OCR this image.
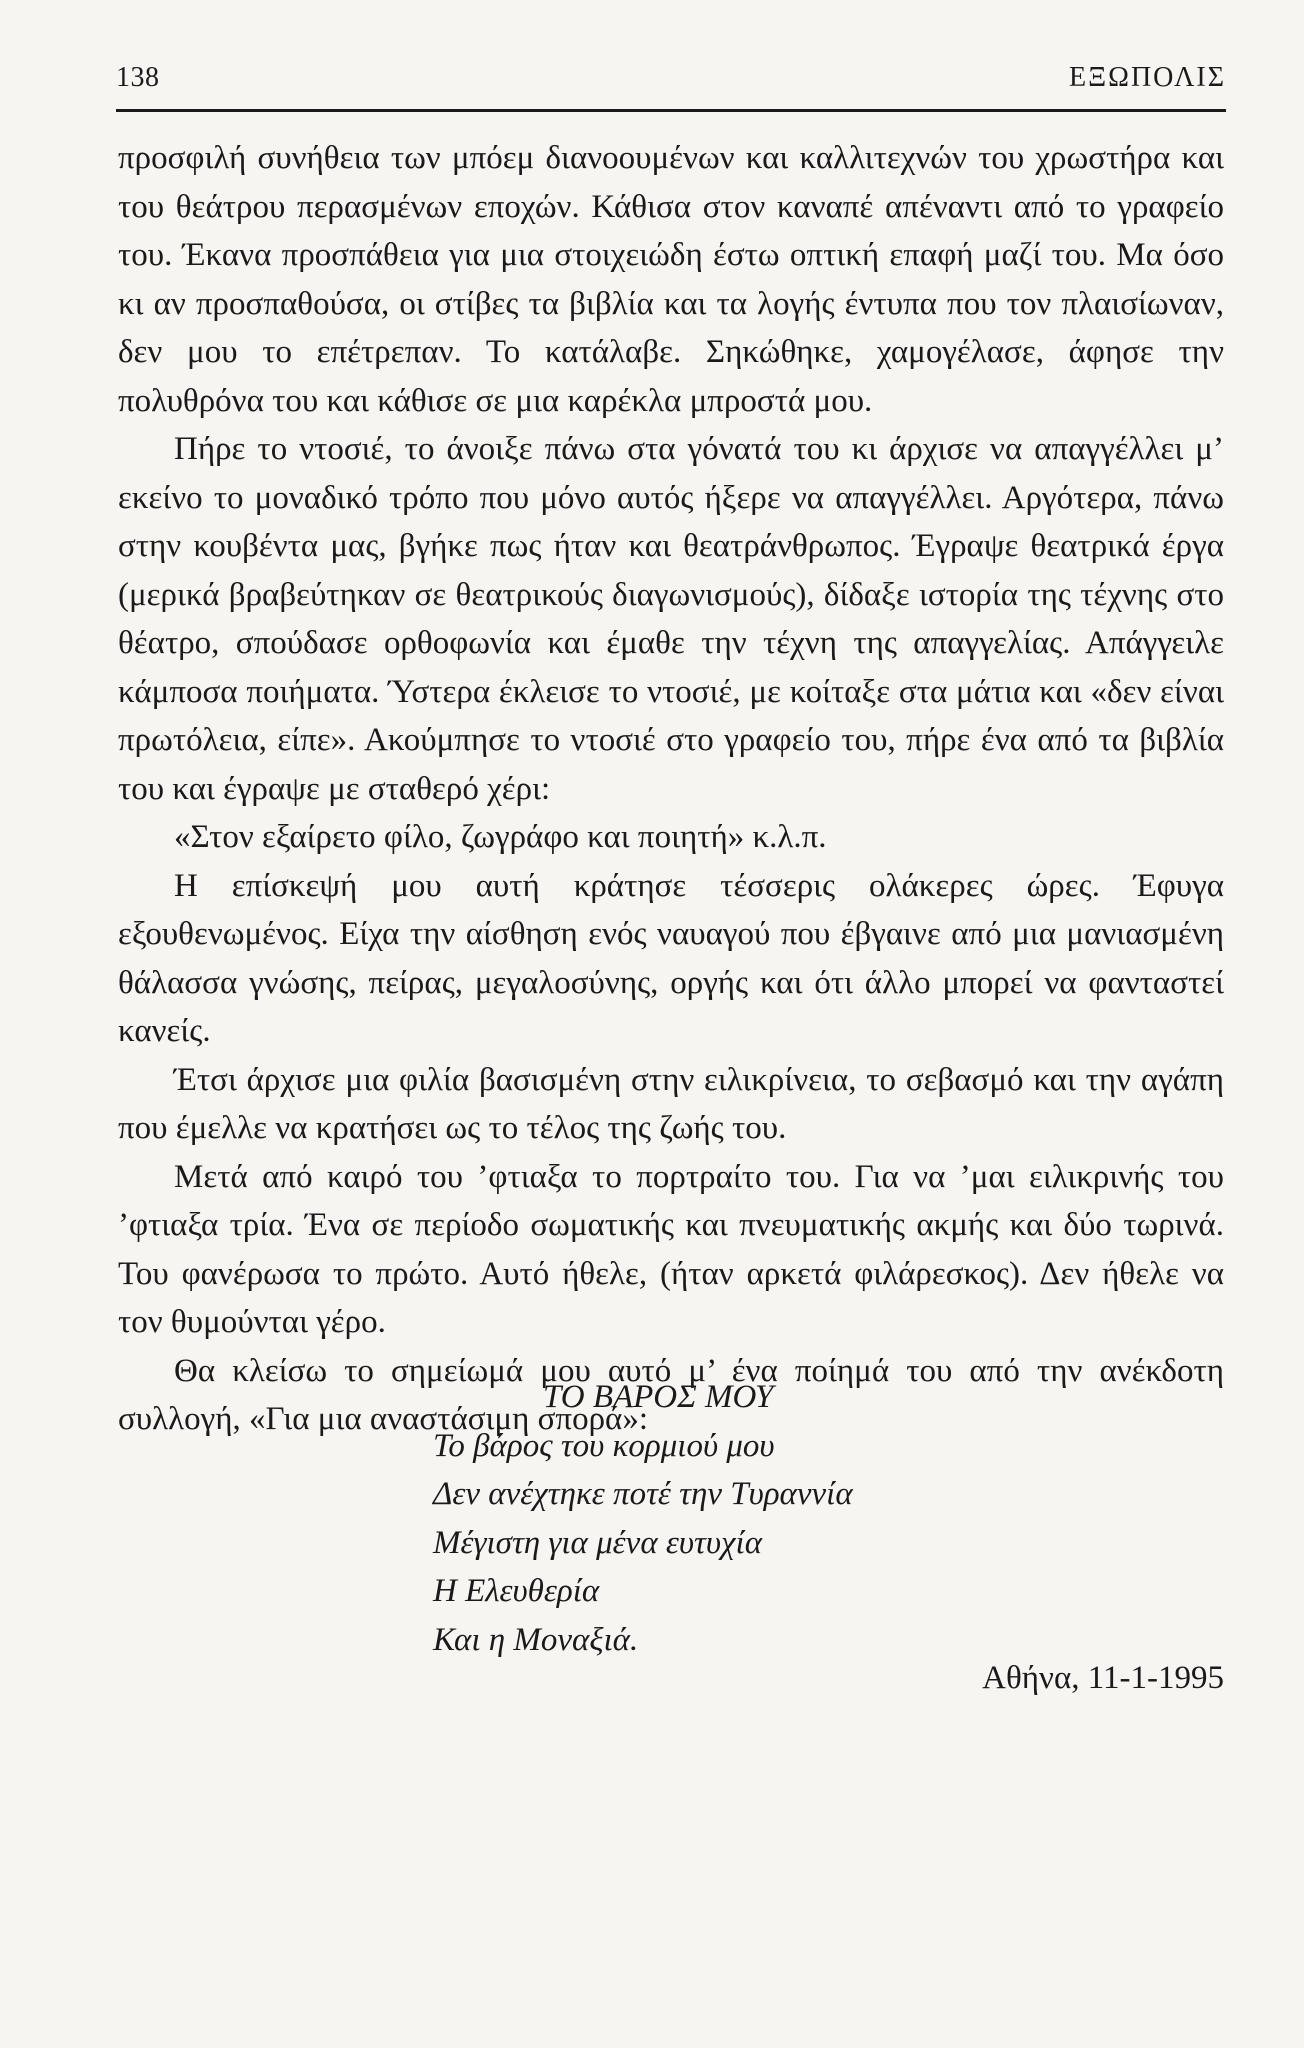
138	ΕΞΩΠΟΛΙΣ

προσφιλή συνήθεια των μπόεμ διανοουμένων και καλλιτεχνών του χρωστήρα και του θεάτρου περασμένων εποχών. Κάθισα στον καναπέ απέναντι από το γραφείο του. Έκανα προσπάθεια για μια στοιχειώδη έστω οπτική επαφή μαζί του. Μα όσο κι αν προσπαθούσα, οι στίβες τα βιβλία και τα λογής έντυπα που τον πλαισίωναν, δεν μου το επέτρεπαν. Το κατάλαβε. Σηκώθηκε, χαμογέλασε, άφησε την πολυθρόνα του και κάθισε σε μια καρέκλα μπροστά μου.

Πήρε το ντοσιέ, το άνοιξε πάνω στα γόνατά του κι άρχισε να απαγγέλλει μ’ εκείνο το μοναδικό τρόπο που μόνο αυτός ήξερε να απαγγέλλει. Αργότερα, πάνω στην κουβέντα μας, βγήκε πως ήταν και θεατράνθρωπος. Έγραψε θεατρικά έργα (μερικά βραβεύτηκαν σε θεατρικούς διαγωνισμούς), δίδαξε ιστορία της τέχνης στο θέατρο, σπούδασε ορθοφωνία και έμαθε την τέχνη της απαγγελίας. Απάγγειλε κάμποσα ποιήματα. Ύστερα έκλεισε το ντοσιέ, με κοίταξε στα μάτια και «δεν είναι πρωτόλεια, είπε». Ακούμπησε το ντοσιέ στο γραφείο του, πήρε ένα από τα βιβλία του και έγραψε με σταθερό χέρι:

«Στον εξαίρετο φίλο, ζωγράφο και ποιητή» κ.λ.π.

Η επίσκεψή μου αυτή κράτησε τέσσερις ολάκερες ώρες. Έφυγα εξουθενωμένος. Είχα την αίσθηση ενός ναυαγού που έβγαινε από μια μανιασμένη θάλασσα γνώσης, πείρας, μεγαλοσύνης, οργής και ότι άλλο μπορεί να φανταστεί κανείς.

Έτσι άρχισε μια φιλία βασισμένη στην ειλικρίνεια, το σεβασμό και την αγάπη που έμελλε να κρατήσει ως το τέλος της ζωής του.

Μετά από καιρό του ’φτιαξα το πορτραίτο του. Για να ’μαι ειλικρινής του ’φτιαξα τρία. Ένα σε περίοδο σωματικής και πνευματικής ακμής και δύο τωρινά. Του φανέρωσα το πρώτο. Αυτό ήθελε, (ήταν αρκετά φιλάρεσκος). Δεν ήθελε να τον θυμούνται γέρο.

Θα κλείσω το σημείωμά μου αυτό μ’ ένα ποίημά του από την ανέκδοτη συλλογή, «Για μια αναστάσιμη σπορά»:

ΤΟ ΒΑΡΟΣ ΜΟΥ
Το βάρος του κορμιού μου
Δεν ανέχτηκε ποτέ την Τυραννία
Μέγιστη για μένα ευτυχία
Η Ελευθερία
Και η Μοναξιά.
Αθήνα, 11-1-1995
